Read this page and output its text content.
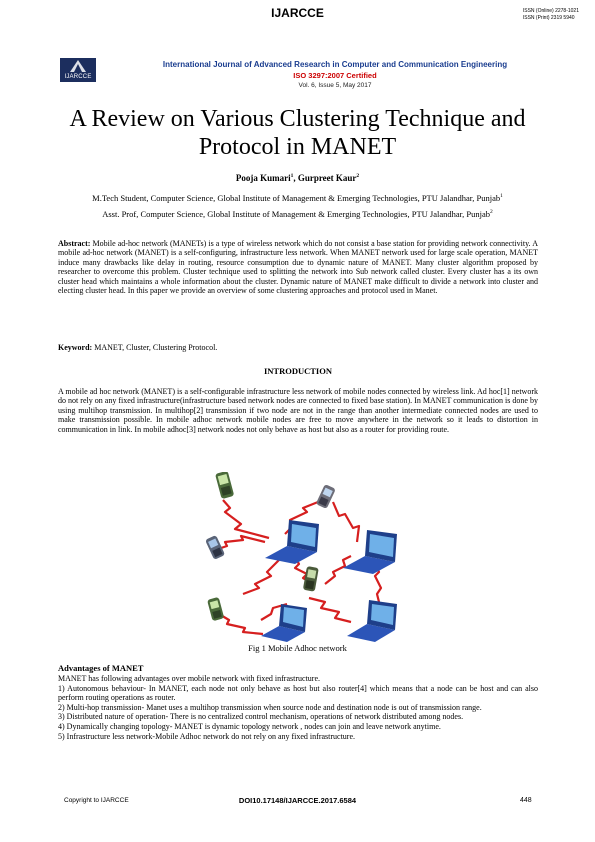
IJARCCE	ISSN (Online) 2278-1021
ISSN (Print) 2319 5940
IJARCCE
International Journal of Advanced Research in Computer and Communication Engineering
ISO 3297:2007 Certified
Vol. 6, Issue 5, May 2017
A Review on Various Clustering Technique and
Protocol in MANET
Pooja Kumari$^1$, Gurpreet Kaur$^2$
M.Tech Student, Computer Science, Global Institute of Management & Emerging Technologies, PTU Jalandhar, Punjab$^1$
Asst. Prof, Computer Science, Global Institute of Management & Emerging Technologies, PTU Jalandhar, Punjab$^2$
Abstract: Mobile ad-hoc network (MANETs) is a type of wireless network which do not consist a base station for providing network connectivity. A mobile ad-hoc network (MANET) is a self-configuring, infrastructure less network. When MANET network used for large scale operation, MANET induce many drawbacks like delay in routing, resource consumption due to dynamic nature of MANET. Many cluster algorithm proposed by researcher to overcome this problem. Cluster technique used to splitting the network into Sub network called cluster. Every cluster has a its own cluster head which maintains a whole information about the cluster. Dynamic nature of MANET make difficult to divide a network into cluster and electing cluster head. In this paper we provide an overview of some clustering approaches and protocol used in Manet.
Keyword: MANET, Cluster, Clustering Protocol.
INTRODUCTION
A mobile ad hoc network (MANET) is a self-configurable infrastructure less network of mobile nodes connected by wireless link. Ad hoc[1] network do not rely on any fixed infrastructure(infrastructure based network nodes are connected to fixed base station). In MANET communication is done by using multihop transmission. In multihop[2] transmission if two node are not in the range than another intermediate connected nodes are used to make transmission possible. In mobile adhoc network mobile nodes are free to move anywhere in the network so it leads to distortion in communication in link. In mobile adhoc[3] network nodes not only behave as host but also as a router for providing route.
Fig 1 Mobile Adhoc network
Advantages of MANET

MANET has following advantages over mobile network with fixed infrastructure.

1) Autonomous behaviour- In MANET, each node not only behave as host but also router[4] which means that a node can be host and can also perform routing operations as router.

2) Multi-hop transmission- Manet uses a multihop transmission when source node and destination node is out of transmission range.

3) Distributed nature of operation- There is no centralized control mechanism, operations of network distributed among nodes.

4) Dynamically changing topology- MANET is dynamic topology network , nodes can join and leave network anytime.

5) Infrastructure less network-Mobile Adhoc network do not rely on any fixed infrastructure.

Copyright to IJARCCE	DOI10.17148/IJARCCE.2017.6584	448
